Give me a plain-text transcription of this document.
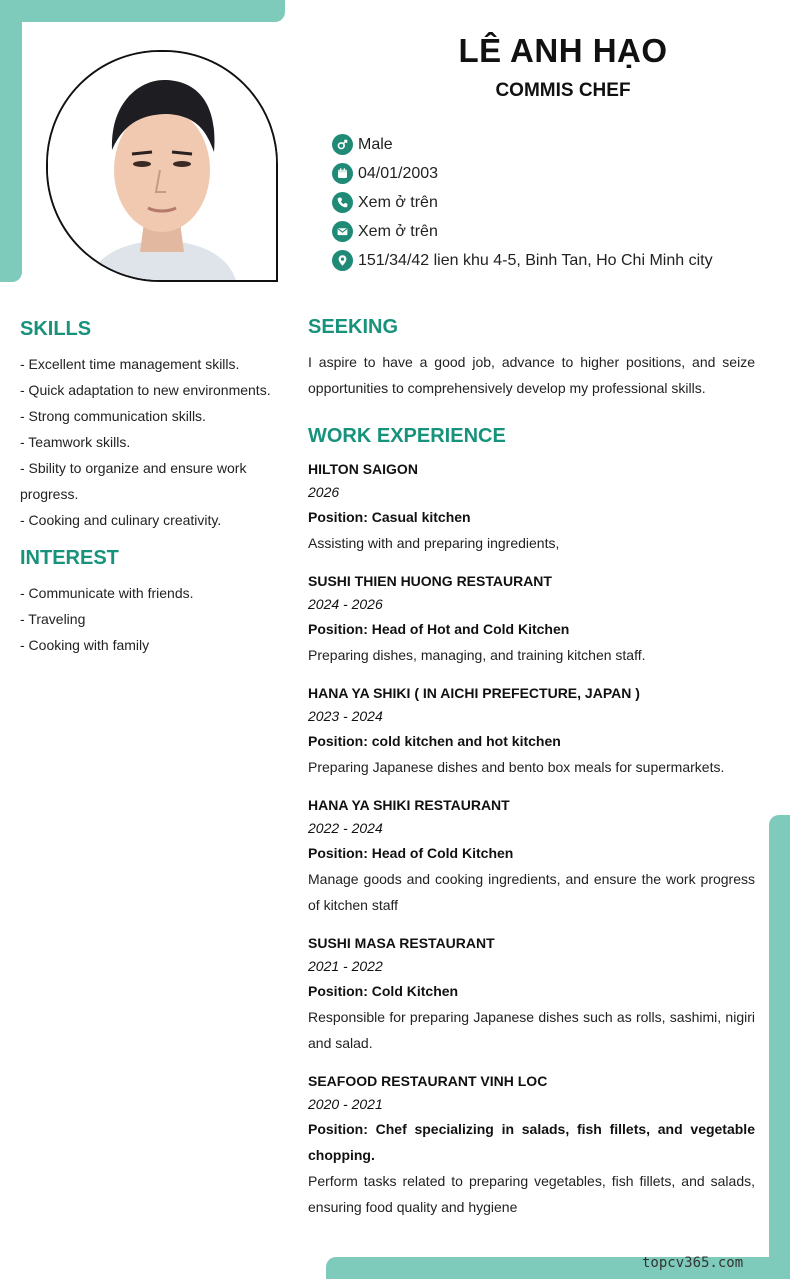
LÊ ANH HẠO
COMMIS CHEF
Male
04/01/2003
Xem ở trên
Xem ở trên
151/34/42 lien khu 4-5, Binh Tan, Ho Chi Minh city
SKILLS
- Excellent time management skills.
- Quick adaptation to new environments.
- Strong communication skills.
- Teamwork skills.
- Sbility to organize and ensure work progress.
- Cooking and culinary creativity.
INTEREST
- Communicate with friends.
- Traveling
- Cooking with family
SEEKING
I aspire to have a good job, advance to higher positions, and seize opportunities to comprehensively develop my professional skills.
WORK EXPERIENCE
HILTON SAIGON
2026
Position: Casual kitchen
Assisting with and preparing ingredients,
SUSHI THIEN HUONG RESTAURANT
2024 - 2026
Position: Head of Hot and Cold Kitchen
Preparing dishes, managing, and training kitchen staff.
HANA YA SHIKI ( IN AICHI PREFECTURE, JAPAN )
2023 - 2024
Position: cold kitchen and hot kitchen
Preparing Japanese dishes and bento box meals for supermarkets.
HANA YA SHIKI RESTAURANT
2022 - 2024
Position: Head of Cold Kitchen
Manage goods and cooking ingredients, and ensure the work progress of kitchen staff
SUSHI MASA RESTAURANT
2021 - 2022
Position: Cold Kitchen
Responsible for preparing Japanese dishes such as rolls, sashimi, nigiri and salad.
SEAFOOD RESTAURANT VINH LOC
2020 - 2021
Position: Chef specializing in salads, fish fillets, and vegetable chopping.
Perform tasks related to preparing vegetables, fish fillets, and salads, ensuring food quality and hygiene
topcv365.com
